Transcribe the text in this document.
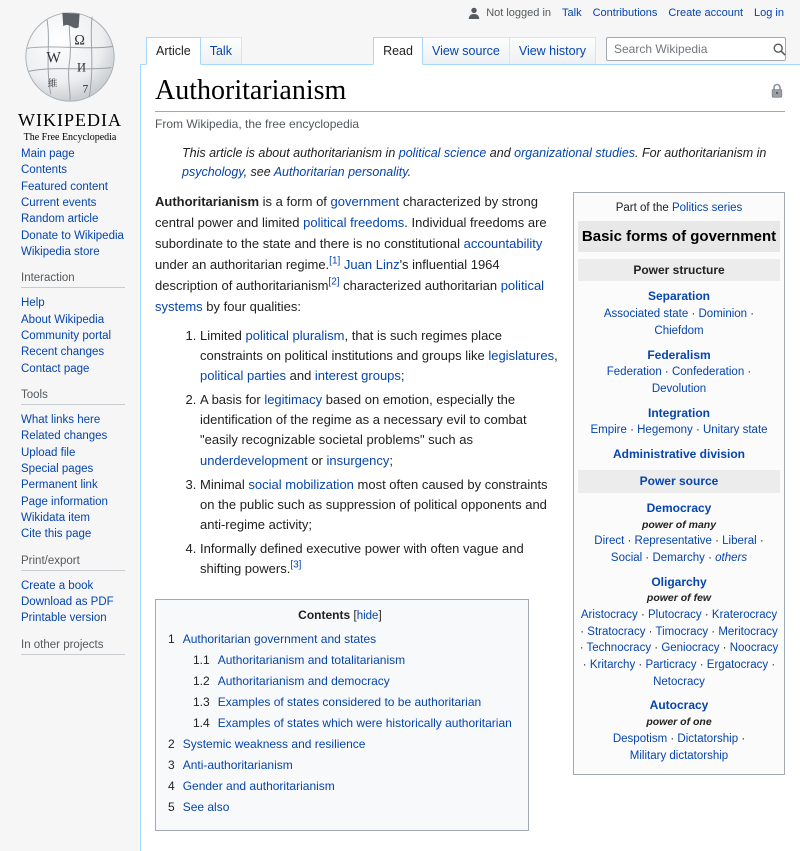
Not logged in Talk Contributions Create account Log in
W
Ω
И
7
維
WIKIPEDIA
The Free Encyclopedia
Main page
Contents
Featured content
Current events
Random article
Donate to Wikipedia
Wikipedia store
Interaction
Help
About Wikipedia
Community portal
Recent changes
Contact page
Tools
What links here
Related changes
Upload file
Special pages
Permanent link
Page information
Wikidata item
Cite this page
Print/export
Create a book
Download as PDF
Printable version
In other projects
Article	Talk	Read	View source	View history
Search Wikipedia
Authoritarianism
From Wikipedia, the free encyclopedia
This article is about authoritarianism in political science and organizational studies. For authoritarianism in psychology, see Authoritarian personality.
Part of the Politics series
Basic forms of government
Power structure
Separation
Associated state · Dominion · Chiefdom
Federalism
Federation · Confederation · Devolution
Integration
Empire · Hegemony · Unitary state
Administrative division
Power source
Democracy
power of many
Direct · Representative · Liberal · Social · Demarchy · others
Oligarchy
power of few
Aristocracy · Plutocracy · Kraterocracy · Stratocracy · Timocracy · Meritocracy · Technocracy · Geniocracy · Noocracy · Kritarchy · Particracy · Ergatocracy · Netocracy
Autocracy
power of one
Despotism · Dictatorship · Military dictatorship

Authoritarianism is a form of government characterized by strong central power and limited political freedoms. Individual freedoms are subordinate to the state and there is no constitutional accountability under an authoritarian regime.[1] Juan Linz's influential 1964 description of authoritarianism[2] characterized authoritarian political systems by four qualities:

1. Limited political pluralism, that is such regimes place constraints on political institutions and groups like legislatures, political parties and interest groups;
2. A basis for legitimacy based on emotion, especially the identification of the regime as a necessary evil to combat "easily recognizable societal problems" such as underdevelopment or insurgency;
3. Minimal social mobilization most often caused by constraints on the public such as suppression of political opponents and anti-regime activity;
4. Informally defined executive power with often vague and shifting powers.[3]
Contents [hide]
1 Authoritarian government and states
1.1 Authoritarianism and totalitarianism
1.2 Authoritarianism and democracy
1.3 Examples of states considered to be authoritarian
1.4 Examples of states which were historically authoritarian
2 Systemic weakness and resilience
3 Anti-authoritarianism
4 Gender and authoritarianism
5 See also
